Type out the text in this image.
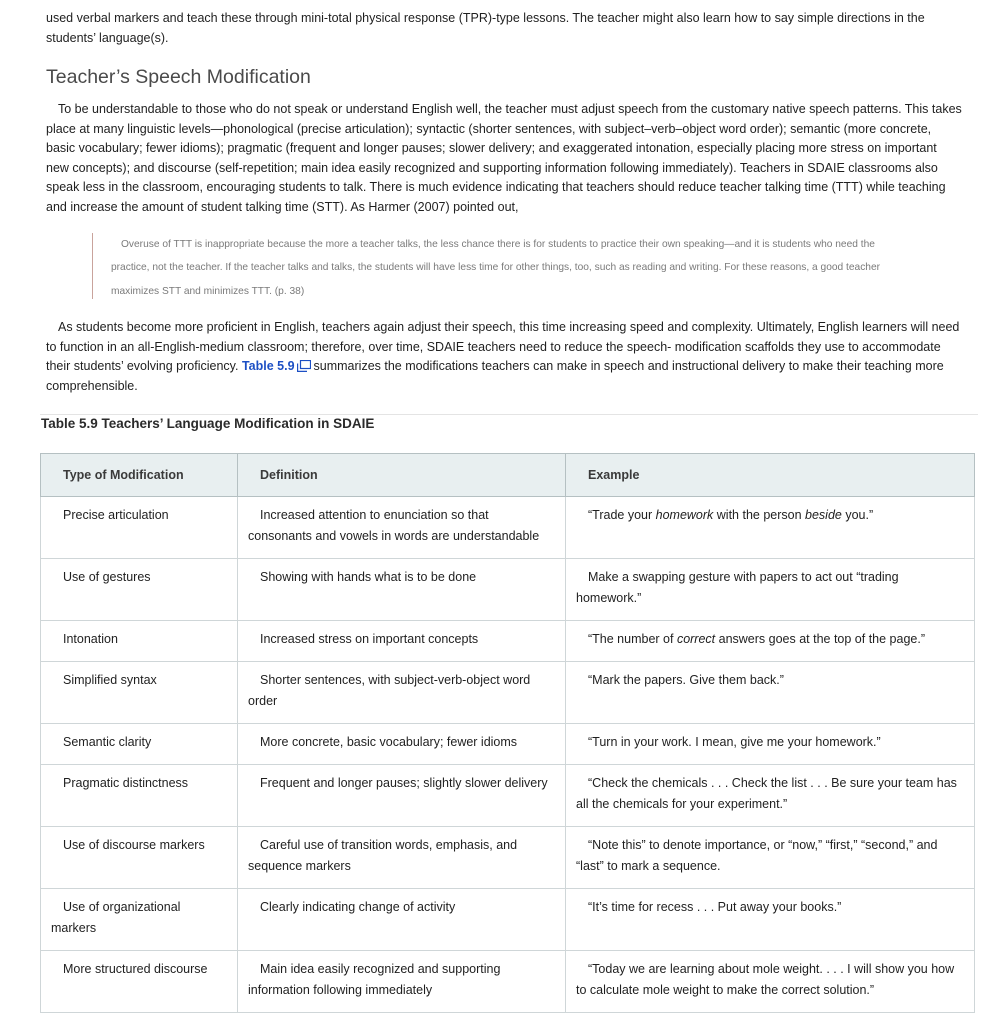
used verbal markers and teach these through mini-total physical response (TPR)-type lessons. The teacher might also learn how to say simple directions in the students’ language(s).

Teacher’s Speech Modification

To be understandable to those who do not speak or understand English well, the teacher must adjust speech from the customary native speech patterns. This takes place at many linguistic levels—phonological (precise articulation); syntactic (shorter sentences, with subject–verb–object word order); semantic (more concrete, basic vocabulary; fewer idioms); pragmatic (frequent and longer pauses; slower delivery; and exaggerated intonation, especially placing more stress on important new concepts); and discourse (self-repetition; main idea easily recognized and supporting information following immediately). Teachers in SDAIE classrooms also speak less in the classroom, encouraging students to talk. There is much evidence indicating that teachers should reduce teacher talking time (TTT) while teaching and increase the amount of student talking time (STT). As Harmer (2007) pointed out,

Overuse of TTT is inappropriate because the more a teacher talks, the less chance there is for students to practice their own speaking—and it is students who need the

practice, not the teacher. If the teacher talks and talks, the students will have less time for other things, too, such as reading and writing. For these reasons, a good teacher

maximizes STT and minimizes TTT. (p. 38)

As students become more proficient in English, teachers again adjust their speech, this time increasing speed and complexity. Ultimately, English learners will need to function in an all-English-medium classroom; therefore, over time, SDAIE teachers need to reduce the speech- modification scaffolds they use to accommodate their students’ evolving proficiency. Table 5.9 summarizes the modifications teachers can make in speech and instructional delivery to make their teaching more comprehensible.

Table 5.9 Teachers’ Language Modification in SDAIE

Type of Modification	Definition	Example
Precise articulation	Increased attention to enunciation so that consonants and vowels in words are understandable	“Trade your homework with the person beside you.”
Use of gestures	Showing with hands what is to be done	Make a swapping gesture with papers to act out “trading homework.”
Intonation	Increased stress on important concepts	“The number of correct answers goes at the top of the page.”
Simplified syntax	Shorter sentences, with subject-verb-object word order	“Mark the papers. Give them back.”
Semantic clarity	More concrete, basic vocabulary; fewer idioms	“Turn in your work. I mean, give me your homework.”
Pragmatic distinctness	Frequent and longer pauses; slightly slower delivery	“Check the chemicals . . . Check the list . . . Be sure your team has all the chemicals for your experiment.”
Use of discourse markers	Careful use of transition words, emphasis, and sequence markers	“Note this” to denote importance, or “now,” “first,” “second,” and “last” to mark a sequence.
Use of organizational markers	Clearly indicating change of activity	“It’s time for recess . . . Put away your books.”
More structured discourse	Main idea easily recognized and supporting information following immediately	“Today we are learning about mole weight. . . . I will show you how to calculate mole weight to make the correct solution.”
